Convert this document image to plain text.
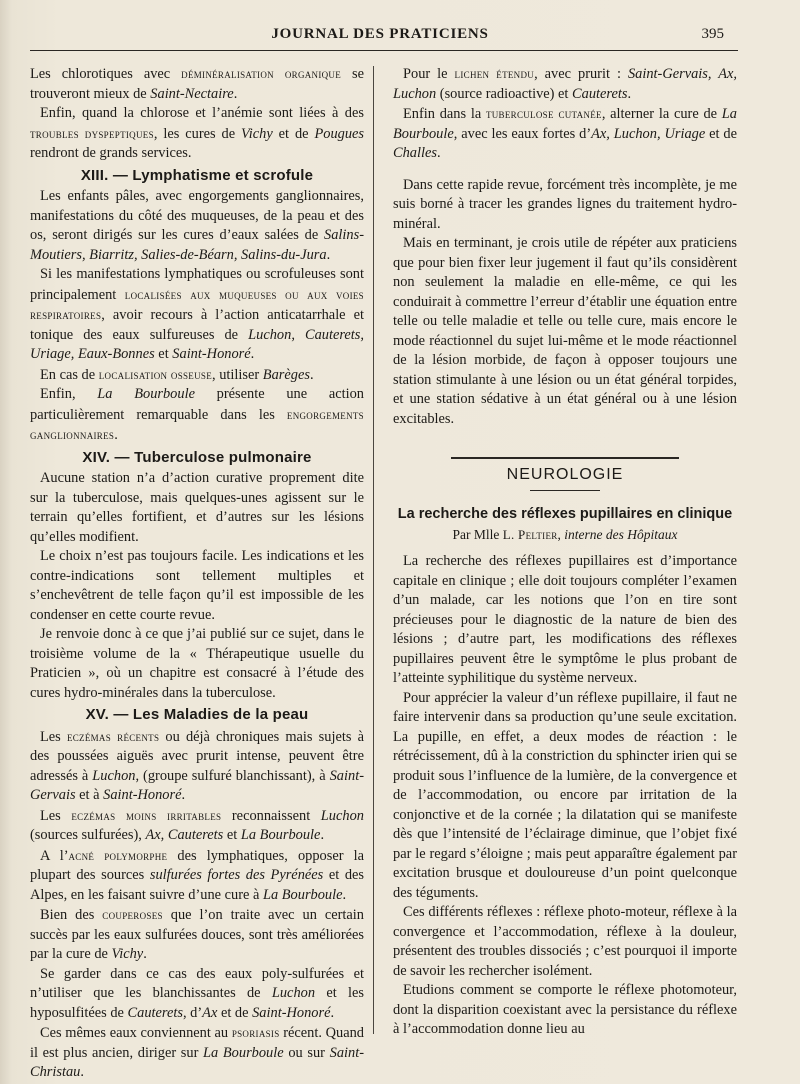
JOURNAL DES PRATICIENS	395

Les chlorotiques avec déminéralisation organique se trouveront mieux de Saint-Nectaire.

Enfin, quand la chlorose et l’anémie sont liées à des troubles dyspeptiques, les cures de Vichy et de Pougues rendront de grands services.

XIII. — Lymphatisme et scrofule

Les enfants pâles, avec engorgements ganglionnaires, manifestations du côté des muqueuses, de la peau et des os, seront dirigés sur les cures d’eaux salées de Salins-Moutiers, Biarritz, Salies-de-Béarn, Salins-du-Jura.

Si les manifestations lymphatiques ou scrofuleuses sont principalement localisées aux muqueuses ou aux voies respiratoires, avoir recours à l’action anticatarrhale et tonique des eaux sulfureuses de Luchon, Cauterets, Uriage, Eaux-Bonnes et Saint-Honoré.

En cas de localisation osseuse, utiliser Barèges.

Enfin, La Bourboule présente une action particulièrement remarquable dans les engorgements ganglionnaires.

XIV. — Tuberculose pulmonaire

Aucune station n’a d’action curative proprement dite sur la tuberculose, mais quelques-unes agissent sur le terrain qu’elles fortifient, et d’autres sur les lésions qu’elles modifient.

Le choix n’est pas toujours facile. Les indications et les contre-indications sont tellement multiples et s’enchevêtrent de telle façon qu’il est impossible de les condenser en cette courte revue.

Je renvoie donc à ce que j’ai publié sur ce sujet, dans le troisième volume de la « Thérapeutique usuelle du Praticien », où un chapitre est consacré à l’étude des cures hydro-minérales dans la tuberculose.

XV. — Les Maladies de la peau

Les eczémas récents ou déjà chroniques mais sujets à des poussées aiguës avec prurit intense, peuvent être adressés à Luchon, (groupe sulfuré blanchissant), à Saint-Gervais et à Saint-Honoré.

Les eczémas moins irritables reconnaissent Luchon (sources sulfurées), Ax, Cauterets et La Bourboule.

A l’acné polymorphe des lymphatiques, opposer la plupart des sources sulfurées fortes des Pyrénées et des Alpes, en les faisant suivre d’une cure à La Bourboule.

Bien des couperoses que l’on traite avec un certain succès par les eaux sulfurées douces, sont très améliorées par la cure de Vichy.

Se garder dans ce cas des eaux poly-sulfurées et n’utiliser que les blanchissantes de Luchon et les hyposulfitées de Cauterets, d’Ax et de Saint-Honoré.

Ces mêmes eaux conviennent au psoriasis récent. Quand il est plus ancien, diriger sur La Bourboule ou sur Saint-Christau.

Pour le lichen étendu, avec prurit : Saint-Gervais, Ax, Luchon (source radioactive) et Cauterets.

Enfin dans la tuberculose cutanée, alterner la cure de La Bourboule, avec les eaux fortes d’Ax, Luchon, Uriage et de Challes.

Dans cette rapide revue, forcément très incomplète, je me suis borné à tracer les grandes lignes du traitement hydro-minéral.

Mais en terminant, je crois utile de répéter aux praticiens que pour bien fixer leur jugement il faut qu’ils considèrent non seulement la maladie en elle-même, ce qui les conduirait à commettre l’erreur d’établir une équation entre telle ou telle maladie et telle ou telle cure, mais encore le mode réactionnel du sujet lui-même et le mode réactionnel de la lésion morbide, de façon à opposer toujours une station stimulante à une lésion ou un état général torpides, et une station sédative à un état général ou à une lésion excitables.

NEUROLOGIE
La recherche des réflexes pupillaires en clinique
Par Mlle L. Peltier, interne des Hôpitaux

La recherche des réflexes pupillaires est d’importance capitale en clinique ; elle doit toujours compléter l’examen d’un malade, car les notions que l’on en tire sont précieuses pour le diagnostic de la nature de bien des lésions ; d’autre part, les modifications des réflexes pupillaires peuvent être le symptôme le plus probant de l’atteinte syphilitique du système nerveux.

Pour apprécier la valeur d’un réflexe pupillaire, il faut ne faire intervenir dans sa production qu’une seule excitation. La pupille, en effet, a deux modes de réaction : le rétrécissement, dû à la constriction du sphincter irien qui se produit sous l’influence de la lumière, de la convergence et de l’accommodation, ou encore par irritation de la conjonctive et de la cornée ; la dilatation qui se manifeste dès que l’intensité de l’éclairage diminue, que l’objet fixé par le regard s’éloigne ; mais peut apparaître également par excitation brusque et douloureuse d’un point quelconque des téguments.

Ces différents réflexes : réflexe photo-moteur, réflexe à la convergence et l’accommodation, réflexe à la douleur, présentent des troubles dissociés ; c’est pourquoi il importe de savoir les rechercher isolément.

Etudions comment se comporte le réflexe photomoteur, dont la disparition coexistant avec la persistance du réflexe à l’accommodation donne lieu au
